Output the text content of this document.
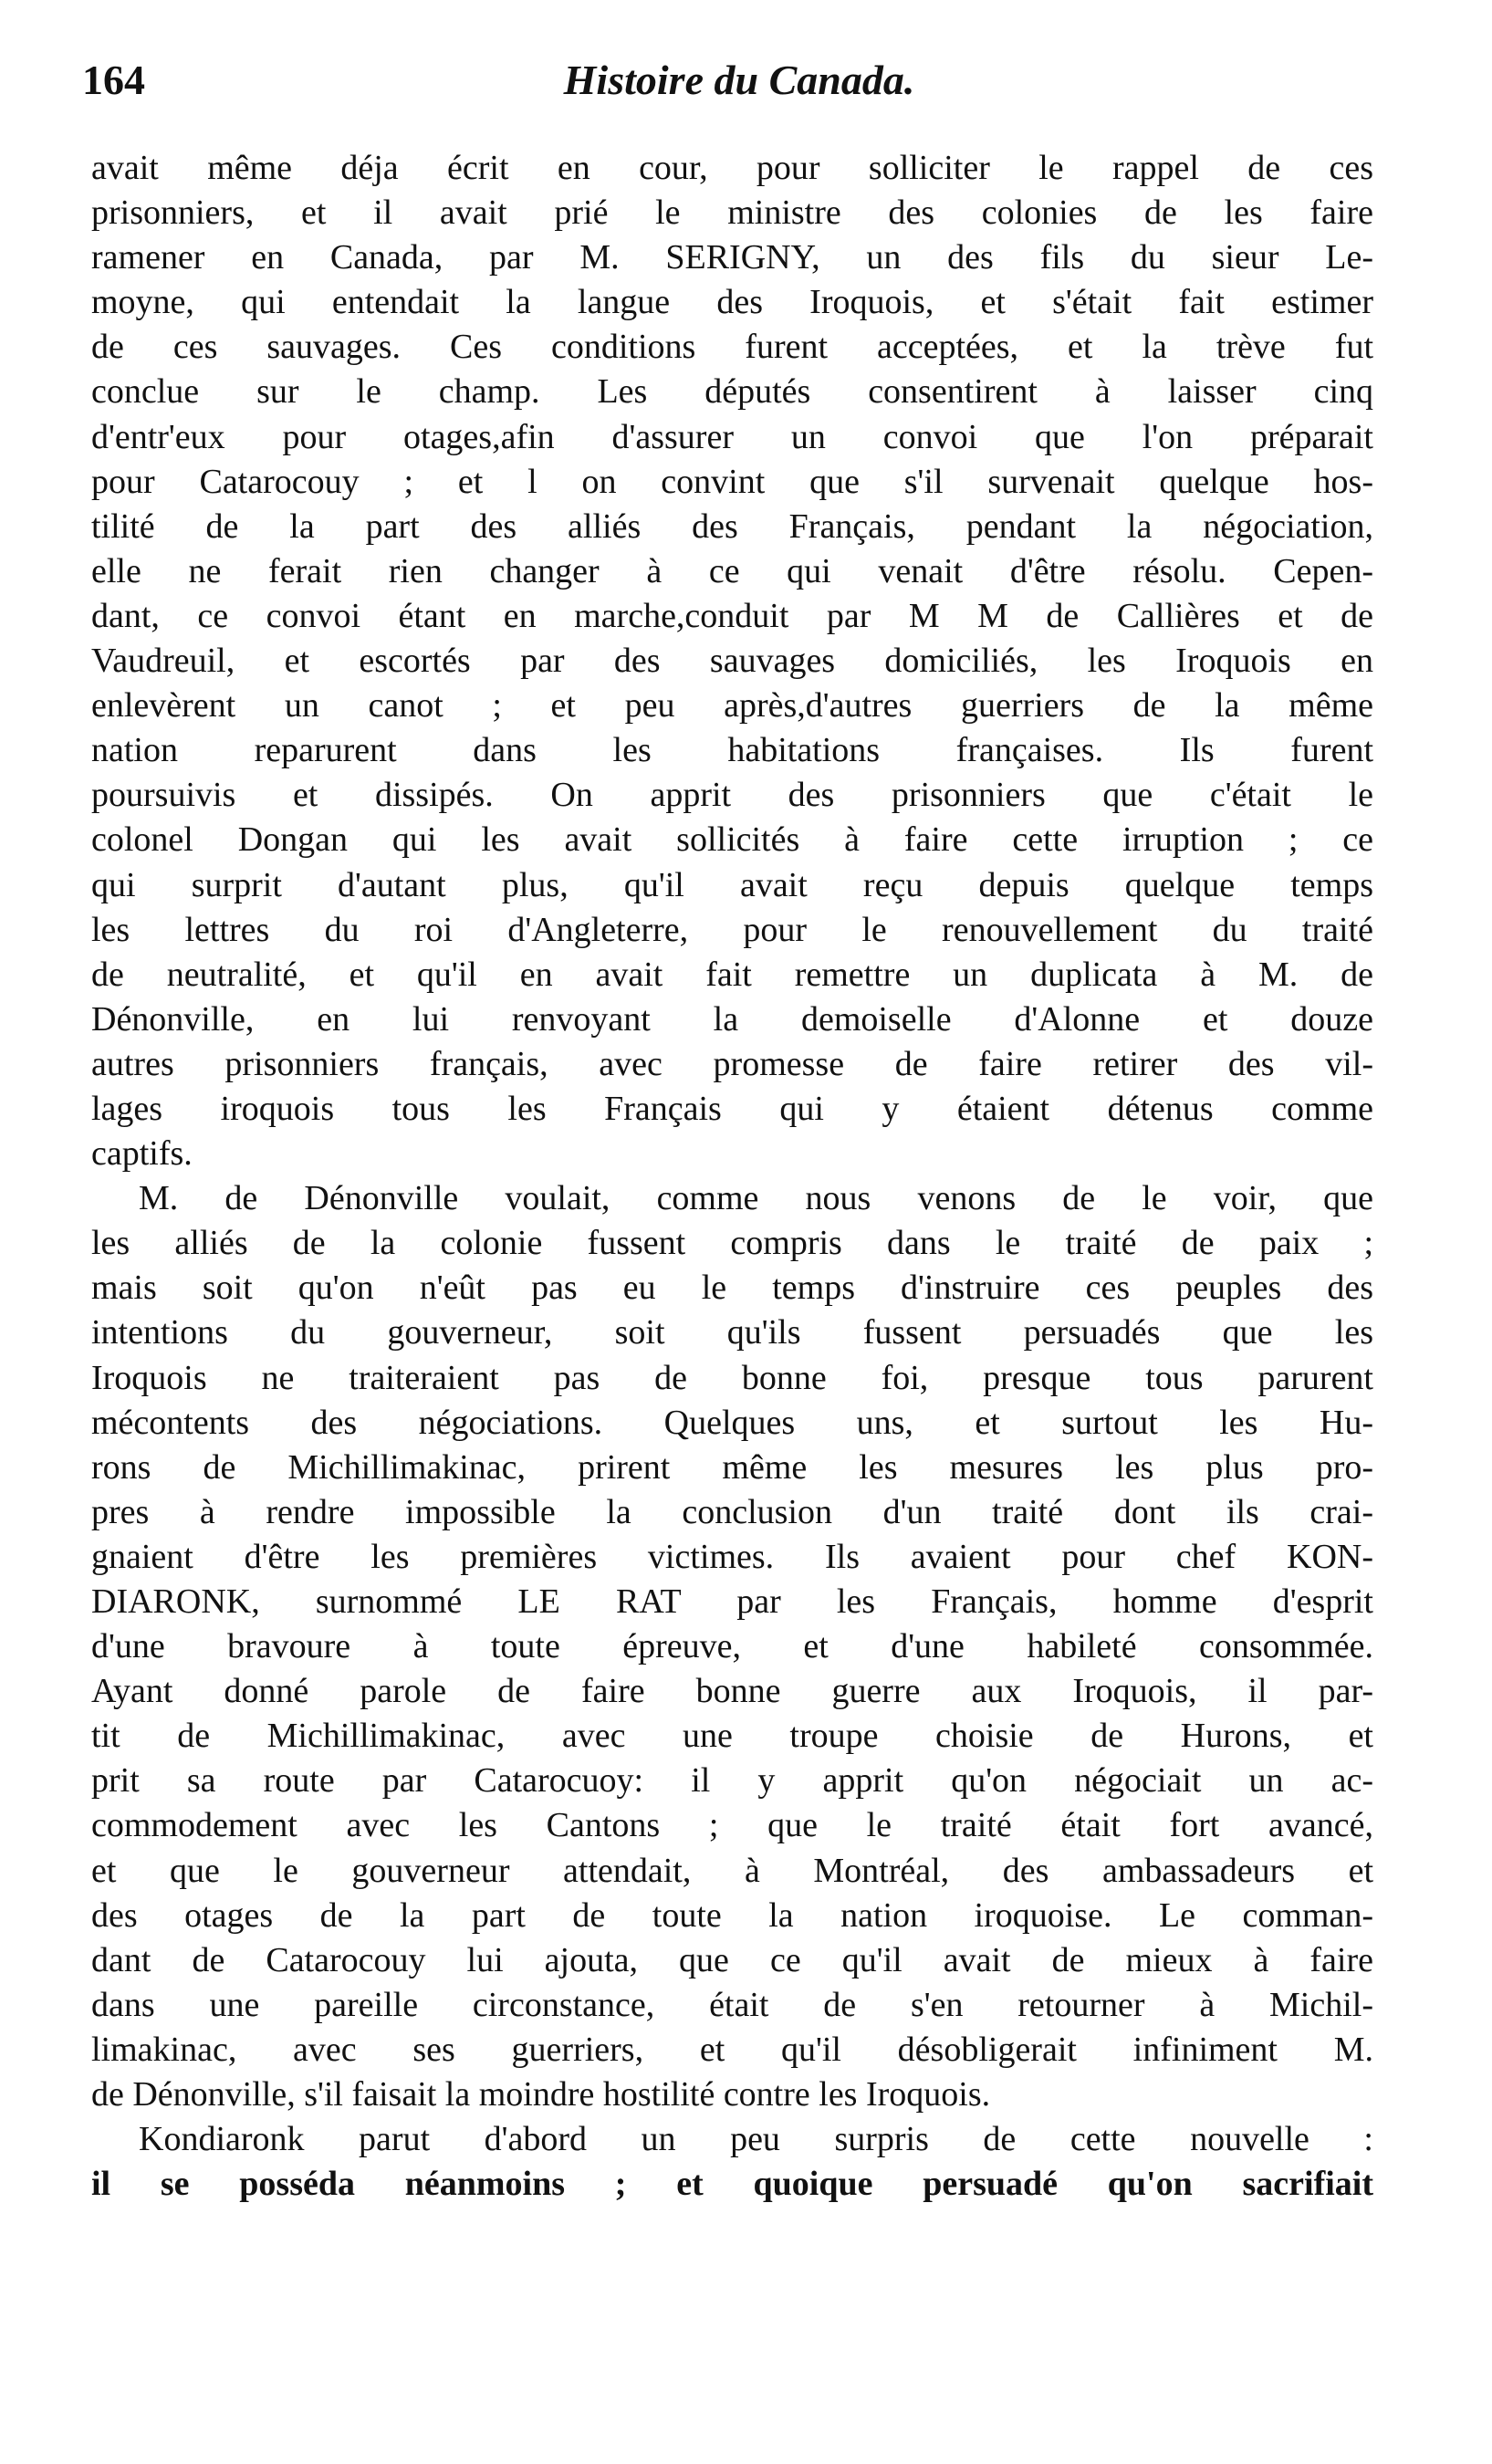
164	Histoire du Canada.
avait même déja écrit en cour, pour solliciter le rappel de ces
prisonniers, et il avait prié le ministre des colonies de les faire
ramener en Canada, par M. SERIGNY, un des fils du sieur Le-
moyne, qui entendait la langue des Iroquois, et s'était fait estimer
de ces sauvages. Ces conditions furent acceptées, et la trève fut
conclue sur le champ. Les députés consentirent à laisser cinq
d'entr'eux pour otages,afin d'assurer un convoi que l'on préparait
pour Catarocouy ; et l on convint que s'il survenait quelque hos-
tilité de la part des alliés des Français, pendant la négociation,
elle ne ferait rien changer à ce qui venait d'être résolu. Cepen-
dant, ce convoi étant en marche,conduit par M M de Callières et de
Vaudreuil, et escortés par des sauvages domiciliés, les Iroquois en
enlevèrent un canot ; et peu après,d'autres guerriers de la même
nation reparurent dans les habitations françaises. Ils furent
poursuivis et dissipés. On apprit des prisonniers que c'était le
colonel Dongan qui les avait sollicités à faire cette irruption ; ce
qui surprit d'autant plus, qu'il avait reçu depuis quelque temps
les lettres du roi d'Angleterre, pour le renouvellement du traité
de neutralité, et qu'il en avait fait remettre un duplicata à M. de
Dénonville, en lui renvoyant la demoiselle d'Alonne et douze
autres prisonniers français, avec promesse de faire retirer des vil-
lages iroquois tous les Français qui y étaient détenus comme
captifs.
M. de Dénonville voulait, comme nous venons de le voir, que
les alliés de la colonie fussent compris dans le traité de paix ;
mais soit qu'on n'eût pas eu le temps d'instruire ces peuples des
intentions du gouverneur, soit qu'ils fussent persuadés que les
Iroquois ne traiteraient pas de bonne foi, presque tous parurent
mécontents des négociations. Quelques uns, et surtout les Hu-
rons de Michillimakinac, prirent même les mesures les plus pro-
pres à rendre impossible la conclusion d'un traité dont ils crai-
gnaient d'être les premières victimes. Ils avaient pour chef KON-
DIARONK, surnommé LE RAT par les Français, homme d'esprit
d'une bravoure à toute épreuve, et d'une habileté consommée.
Ayant donné parole de faire bonne guerre aux Iroquois, il par-
tit de Michillimakinac, avec une troupe choisie de Hurons, et
prit sa route par Catarocuoy: il y apprit qu'on négociait un ac-
commodement avec les Cantons ; que le traité était fort avancé,
et que le gouverneur attendait, à Montréal, des ambassadeurs et
des otages de la part de toute la nation iroquoise. Le comman-
dant de Catarocouy lui ajouta, que ce qu'il avait de mieux à faire
dans une pareille circonstance, était de s'en retourner à Michil-
limakinac, avec ses guerriers, et qu'il désobligerait infiniment M.
de Dénonville, s'il faisait la moindre hostilité contre les Iroquois.
Kondiaronk parut d'abord un peu surpris de cette nouvelle :
il se posséda néanmoins ; et quoique persuadé qu'on sacrifiait
